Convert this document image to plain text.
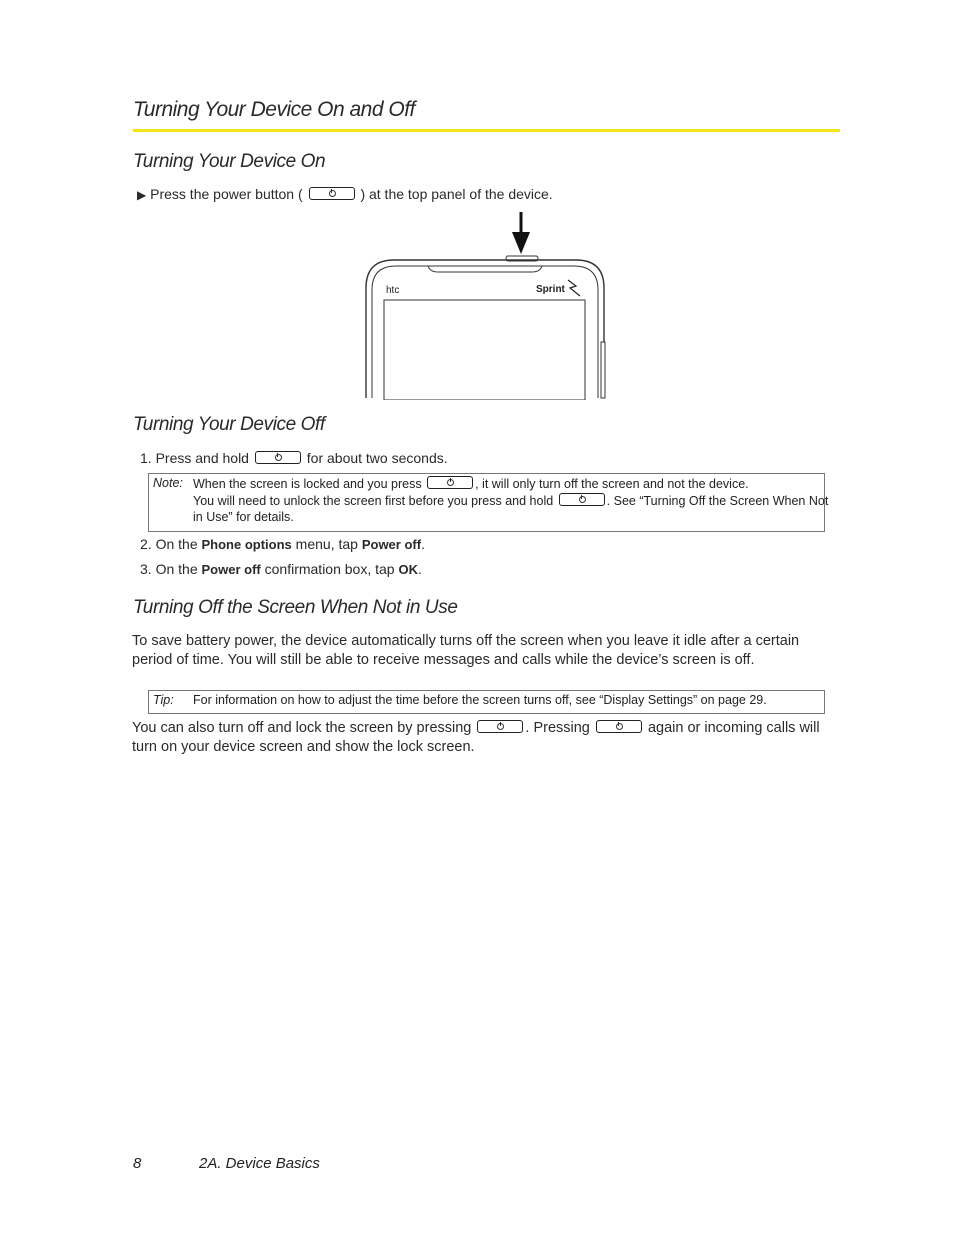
Turning Your Device On and Off
Turning Your Device On
▶ Press the power button (	) at the top panel of the device.
htc	Sprint
Turning Your Device Off
1. Press and hold	for about two seconds.
Note: When the screen is locked and you press	, it will only turn off the screen and not the device.
You will need to unlock the screen first before you press and hold	. See “Turning Off the Screen When Not
in Use” for details.
2. On the Phone options menu, tap Power off.
3. On the Power off confirmation box, tap OK.
Turning Off the Screen When Not in Use
To save battery power, the device automatically turns off the screen when you leave it idle after a certain
period of time. You will still be able to receive messages and calls while the device’s screen is off.
Tip: For information on how to adjust the time before the screen turns off, see “Display Settings” on page 29.
You can also turn off and lock the screen by pressing	. Pressing	again or incoming calls will
turn on your device screen and show the lock screen.
8	2A. Device Basics
